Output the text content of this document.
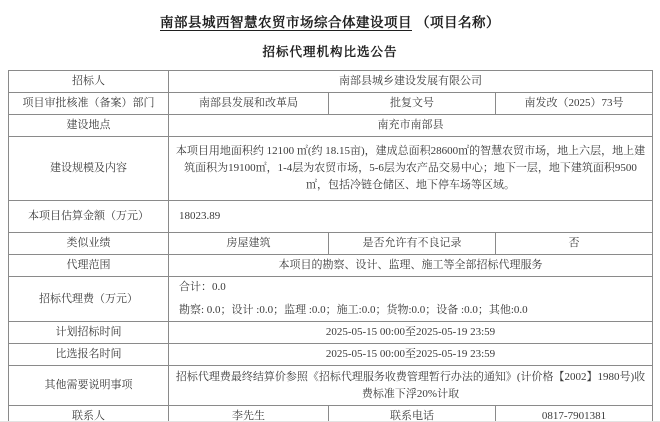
南部县城西智慧农贸市场综合体建设项目 （项目名称）
招标代理机构比选公告
招标人	南部县城乡建设发展有限公司		
项目审批核准（备案）部门	南部县发展和改革局	批复文号	南发改（2025）73号
建设地点	南充市南部县		
建设规模及内容	本项目用地面积约 12100 ㎡(约 18.15亩)，建成总面积28600㎡的智慧农贸市场，地上六层，地上建筑面积为19100㎡，1-4层为农贸市场，5-6层为农产品交易中心；地下一层，地下建筑面积9500㎡，包括冷链仓储区、地下停车场等区域。		

本项目估算金额（万元）	18023.89		
类似业绩	房屋建筑	是否允许有不良记录	否
代理范围	本项目的勘察、设计、监理、施工等全部招标代理服务		
招标代理费（万元）	合计：0.0
勘察: 0.0；设计 :0.0；监理 :0.0；施工:0.0；货物:0.0；设备 :0.0；其他:0.0		

计划招标时间	2025-05-15 00:00至2025-05-19 23:59		
比选报名时间	2025-05-15 00:00至2025-05-19 23:59		
其他需要说明事项	招标代理费最终结算价参照《招标代理服务收费管理暂行办法的通知》(计价格【2002】1980号)收费标准下浮20%计取		
联系人	李先生	联系电话	0817-7901381
